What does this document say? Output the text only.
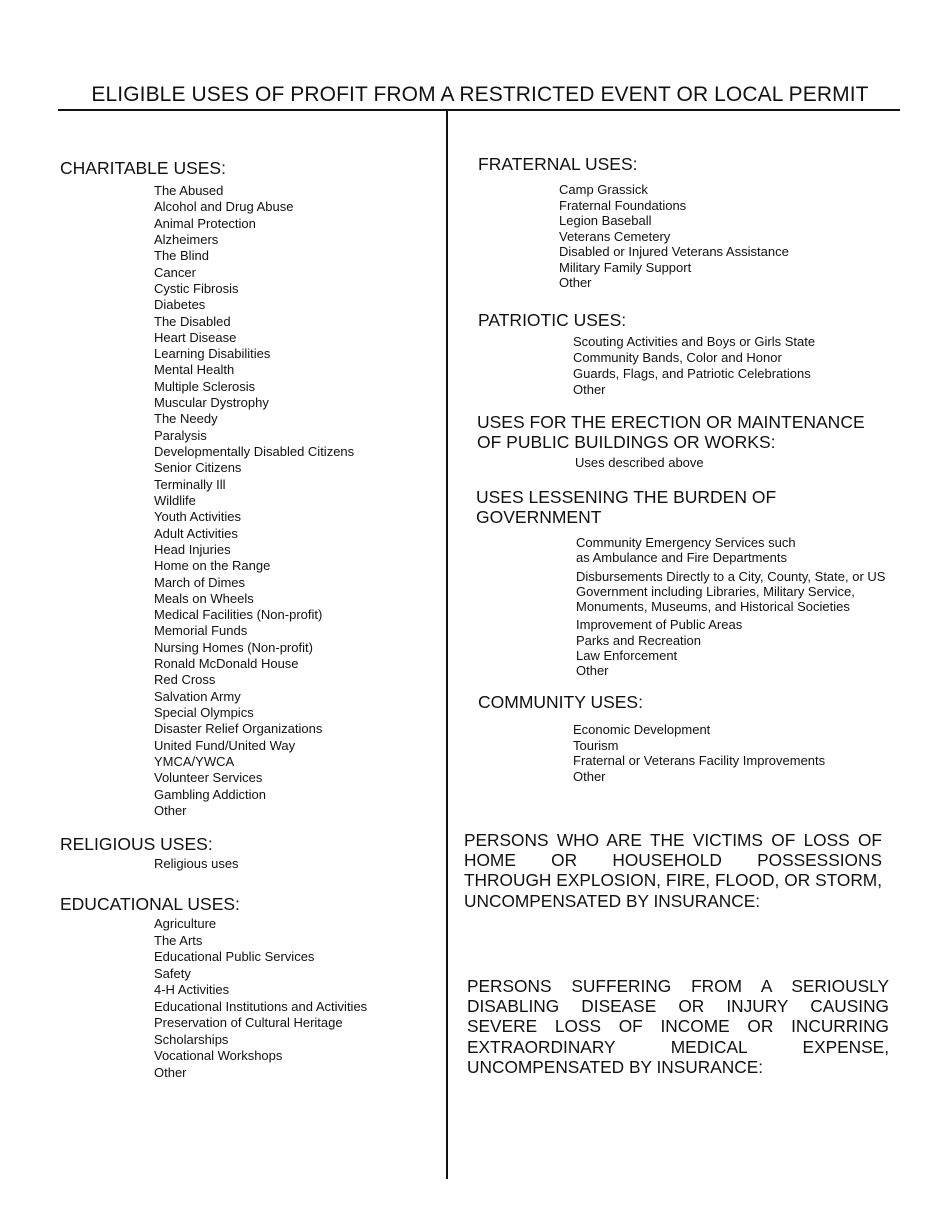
ELIGIBLE USES OF PROFIT FROM A RESTRICTED EVENT OR LOCAL PERMIT
CHARITABLE USES:
The Abused
Alcohol and Drug Abuse
Animal Protection
Alzheimers
The Blind
Cancer
Cystic Fibrosis
Diabetes
The Disabled
Heart Disease
Learning Disabilities
Mental Health
Multiple Sclerosis
Muscular Dystrophy
The Needy
Paralysis
Developmentally Disabled Citizens
Senior Citizens
Terminally Ill
Wildlife
Youth Activities
Adult Activities
Head Injuries
Home on the Range
March of Dimes
Meals on Wheels
Medical Facilities (Non-profit)
Memorial Funds
Nursing Homes (Non-profit)
Ronald McDonald House
Red Cross
Salvation Army
Special Olympics
Disaster Relief Organizations
United Fund/United Way
YMCA/YWCA
Volunteer Services
Gambling Addiction
Other
RELIGIOUS USES:
Religious uses
EDUCATIONAL USES:
Agriculture
The Arts
Educational Public Services
Safety
4-H Activities
Educational Institutions and Activities
Preservation of Cultural Heritage
Scholarships
Vocational Workshops
Other
FRATERNAL USES:
Camp Grassick
Fraternal Foundations
Legion Baseball
Veterans Cemetery
Disabled or Injured Veterans Assistance
Military Family Support
Other
PATRIOTIC USES:
Scouting Activities and Boys or Girls State
Community Bands, Color and Honor
Guards, Flags, and Patriotic Celebrations
Other
USES FOR THE ERECTION OR MAINTENANCE
OF PUBLIC BUILDINGS OR WORKS:
Uses described above
USES LESSENING THE BURDEN OF
GOVERNMENT
Community Emergency Services such
as Ambulance and Fire Departments
Disbursements Directly to a City, County, State, or US
Government including Libraries, Military Service,
Monuments, Museums, and Historical Societies
Improvement of Public Areas
Parks and Recreation
Law Enforcement
Other
COMMUNITY USES:
Economic Development
Tourism
Fraternal or Veterans Facility Improvements
Other

PERSONS WHO ARE THE VICTIMS OF LOSS OF HOME OR HOUSEHOLD POSSESSIONS THROUGH EXPLOSION, FIRE, FLOOD, OR STORM, UNCOMPENSATED BY INSURANCE:

PERSONS SUFFERING FROM A SERIOUSLY DISABLING DISEASE OR INJURY CAUSING SEVERE LOSS OF INCOME OR INCURRING EXTRAORDINARY MEDICAL EXPENSE, UNCOMPENSATED BY INSURANCE:
